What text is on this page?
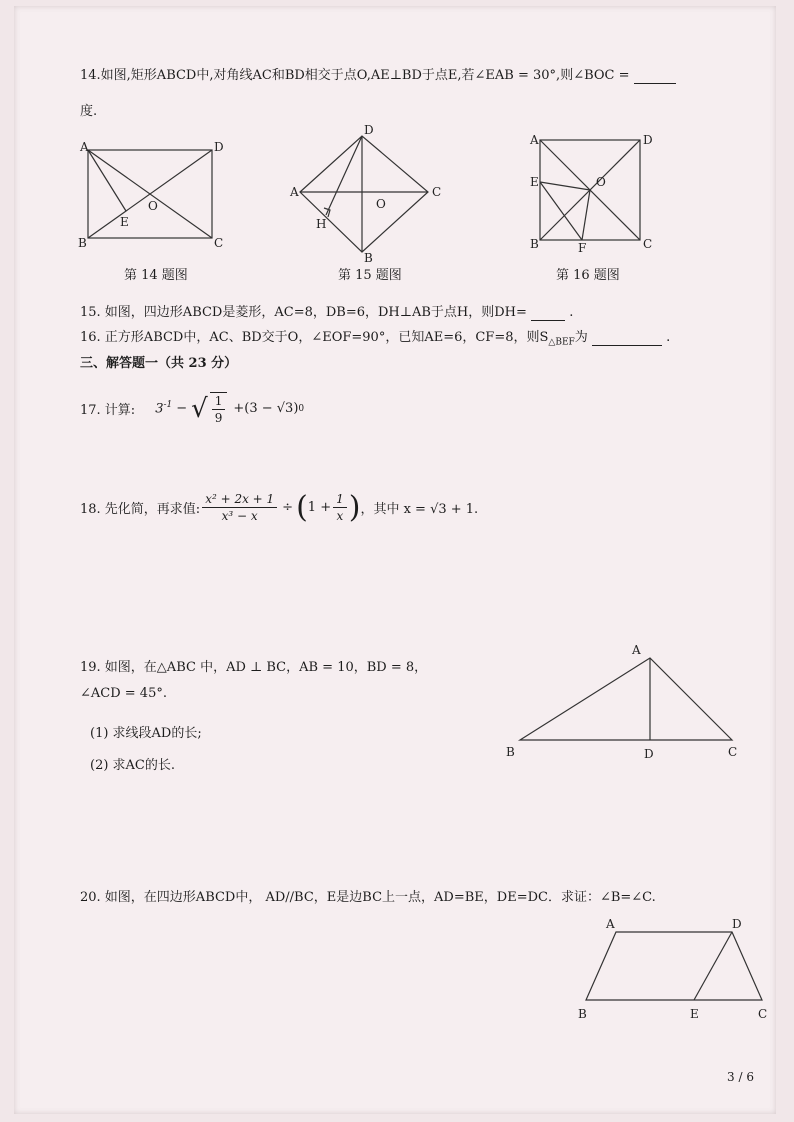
14.如图,矩形ABCD中,对角线AC和BD相交于点O,AE⊥BD于点E,若∠EAB = 30°,则∠BOC =
度.
A	D
B	C
E
O
第 14 题图
A
D
C
B
H
O
第 15 题图
A	D
E	O
B	F	C
第 16 题图
15. 如图，四边形ABCD是菱形，AC=8，DB=6，DH⊥AB于点H，则DH=	.
16. 正方形ABCD中，AC、BD交于O，∠EOF=90°，已知AE=6，CF=8，则$S_{\triangle BEF}$为	.
三、解答题一（共 23 分）
17. 计算: $3^{-1}$ − √ $\frac{1}{9} +(3 - √3)$ 0
18. 先化简，再求值: $\frac{\text{x² + 2x + 1}}{\text{x³ − x}}$ ÷ ( $1 + \frac{1}{x}$ ) ，其中 x = √3 + 1.
19. 如图，在△ABC 中，AD ⊥ BC，AB = 10，BD = 8，
∠ACD = 45°.
(1) 求线段AD的长;
(2) 求AC的长.
A
B	D	C
20. 如图，在四边形ABCD中， AD//BC，E是边BC上一点，AD=BE，DE=DC．求证：∠B=∠C.
A	D
B	E	C
3 / 6
